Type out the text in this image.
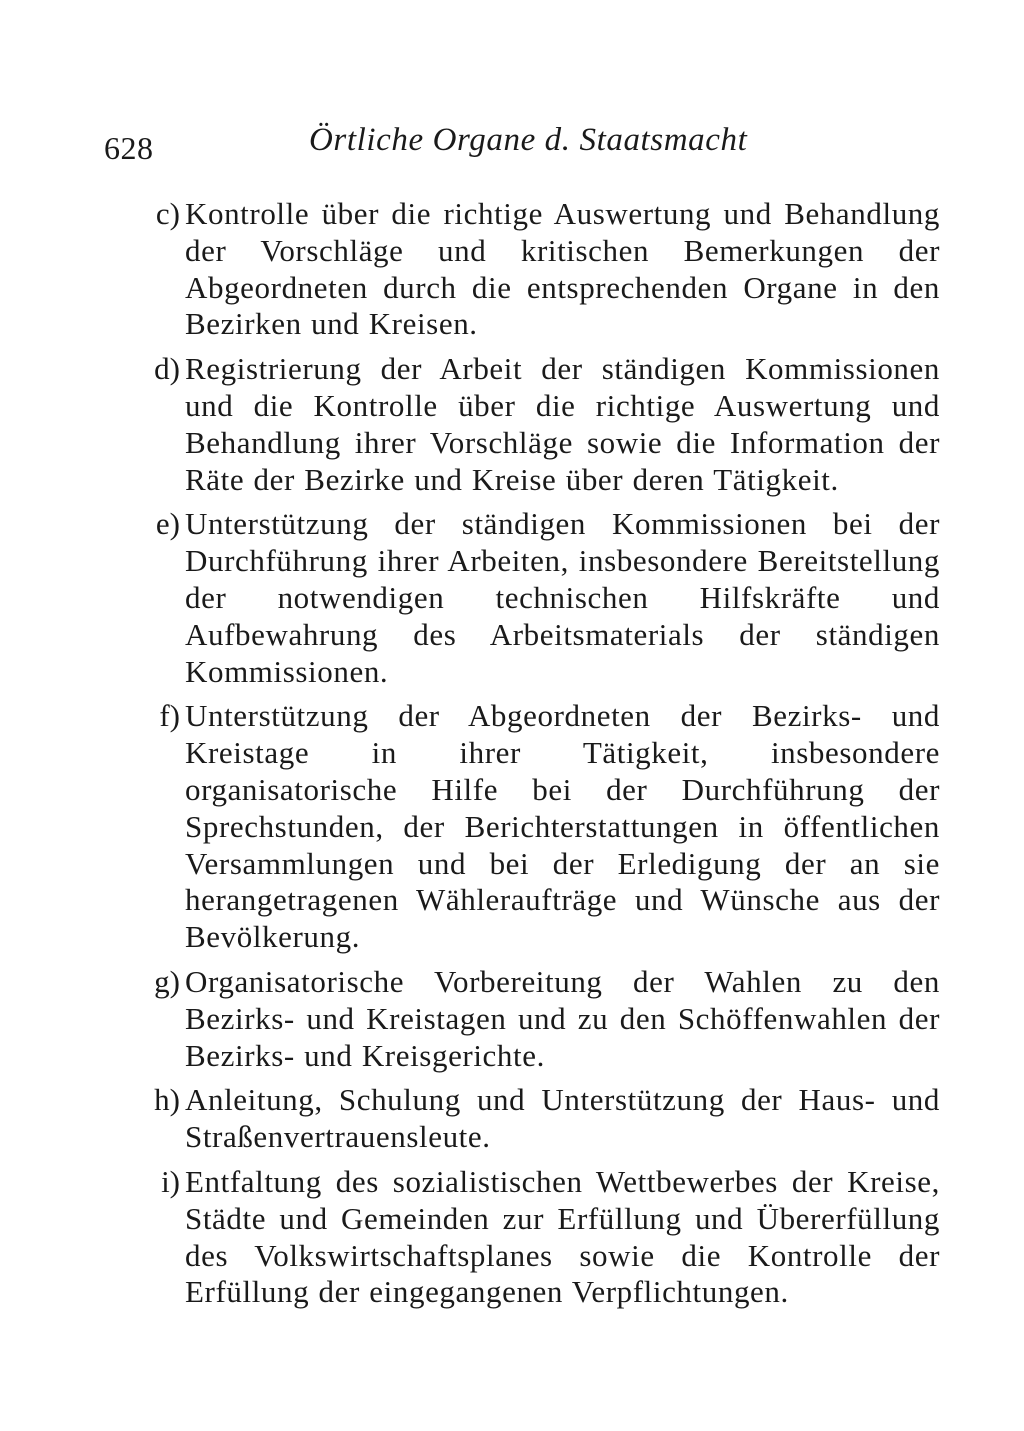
628	Örtliche Organe d. Staatsmacht
c) Kontrolle über die richtige Auswertung und Behandlung der Vorschläge und kritischen Bemerkungen der Abgeordneten durch die entsprechenden Organe in den Bezirken und Kreisen.
d) Registrierung der Arbeit der ständigen Kommissionen und die Kontrolle über die richtige Auswertung und Behandlung ihrer Vorschläge sowie die Information der Räte der Bezirke und Kreise über deren Tätigkeit.
e) Unterstützung der ständigen Kommissionen bei der Durchführung ihrer Arbeiten, insbesondere Bereitstellung der notwendigen technischen Hilfskräfte und Aufbewahrung des Arbeitsmaterials der ständigen Kommissionen.
f) Unterstützung der Abgeordneten der Bezirks- und Kreistage in ihrer Tätigkeit, insbesondere organisatorische Hilfe bei der Durchführung der Sprechstunden, der Berichterstattungen in öffentlichen Versammlungen und bei der Erledigung der an sie herangetragenen Wähleraufträge und Wünsche aus der Bevölkerung.
g) Organisatorische Vorbereitung der Wahlen zu den Bezirks- und Kreistagen und zu den Schöffenwahlen der Bezirks- und Kreisgerichte.
h) Anleitung, Schulung und Unterstützung der Haus- und Straßenvertrauensleute.
i) Entfaltung des sozialistischen Wettbewerbes der Kreise, Städte und Gemeinden zur Erfüllung und Übererfüllung des Volkswirtschaftsplanes sowie die Kontrolle der Erfüllung der eingegangenen Verpflichtungen.
